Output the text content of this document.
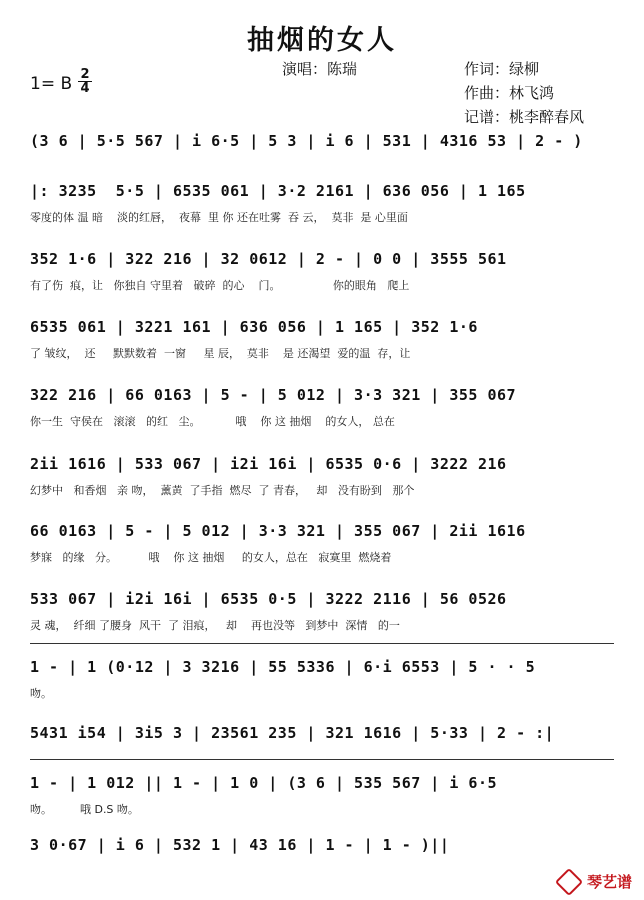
抽烟的女人
演唱：陈瑞	作词：绿柳
作曲：林飞鸿
记谱：桃李醉春风
1= B 2
4
(3 6 | 5·5 567 | i 6·5 | 5 3 | i 6 | 531 | 4316 53 | 2 - )
|: 3235  5·5 | 6535 061 | 3·2 2161 | 636 056 | 1 165
零度的体 温 暗    淡的红唇，  夜幕  里 你 还在吐雾  吞 云，  莫非  是 心里面
352 1·6 | 322 216 | 32 0612 | 2 - | 0 0 | 3555 561
有了伤  痕，让   你独自 守里着   破碎  的心    门。               你的眼角   爬上
6535 061 | 3221 161 | 636 056 | 1 165 | 352 1·6
了 皱纹，  还     默默数着  一窗     星 辰，  莫非    是 还渴望  爱的温  存，让
322 216 | 66 0163 | 5 - | 5 012 | 3·3 321 | 355 067
你一生  守侯在   滚滚   的红   尘。          哦    你 这 抽烟    的女人， 总在
2ii 1616 | 533 067 | i2i 16i | 6535 0·6 | 3222 216
幻梦中   和香烟   亲 吻，  薰黄  了手指  燃尽  了 青春，   却   没有盼到   那个
66 0163 | 5 - | 5 012 | 3·3 321 | 355 067 | 2ii 1616
梦寐   的缘   分。         哦    你 这 抽烟     的女人，总在   寂寞里  燃烧着
533 067 | i2i 16i | 6535 0·5 | 3222 2116 | 56 0526
灵 魂，  纤细 了腰身  风干  了 泪痕，   却    再也没等   到梦中  深情   的一
1 - | 1 (0·12 | 3 3216 | 55 5336 | 6·i 6553 | 5 · · 5
吻。
5431 i54 | 3i5 3 | 23561 235 | 321 1616 | 5·33 | 2 - :|
1 - | 1 012 || 1 - | 1 0 | (3 6 | 535 567 | i 6·5
吻。        哦 D.S 吻。
3 0·67 | i 6 | 532 1 | 43 16 | 1 - | 1 - )||
琴艺谱
